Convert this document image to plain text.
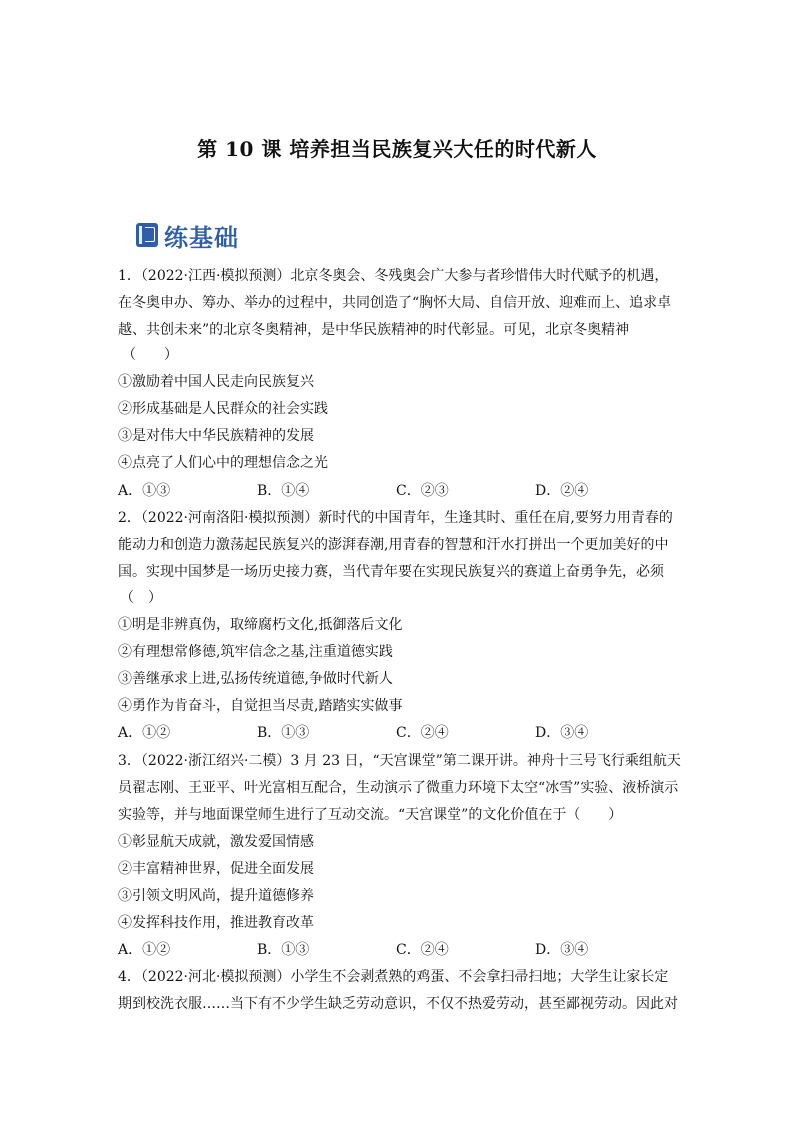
第 10 课 培养担当民族复兴大任的时代新人
练基础
1．（2022·江西·模拟预测）北京冬奥会、冬残奥会广大参与者珍惜伟大时代赋予的机遇，
在冬奥申办、筹办、举办的过程中，共同创造了“胸怀大局、自信开放、迎难而上、追求卓
越、共创未来”的北京冬奥精神，是中华民族精神的时代彰显。可见，北京冬奥精神
（　　）
①激励着中国人民走向民族复兴
②形成基础是人民群众的社会实践
③是对伟大中华民族精神的发展
④点亮了人们心中的理想信念之光
A．①③	B．①④	C．②③	D．②④
2．（2022·河南洛阳·模拟预测）新时代的中国青年，生逢其时、重任在肩,要努力用青春的
能动力和创造力激荡起民族复兴的澎湃春潮,用青春的智慧和汗水打拼出一个更加美好的中
国。实现中国梦是一场历史接力赛，当代青年要在实现民族复兴的赛道上奋勇争先，必须
（　）
①明是非辨真伪，取缔腐朽文化,抵御落后文化
②有理想常修德,筑牢信念之基,注重道德实践
③善继承求上进,弘扬传统道德,争做时代新人
④勇作为肯奋斗，自觉担当尽责,踏踏实实做事
A．①②	B．①③	C．②④	D．③④
3．（2022·浙江绍兴·二模）3 月 23 日，“天宫课堂”第二课开讲。神舟十三号飞行乘组航天
员翟志刚、王亚平、叶光富相互配合，生动演示了微重力环境下太空“冰雪”实验、液桥演示
实验等，并与地面课堂师生进行了互动交流。“天宫课堂”的文化价值在于（　　）
①彰显航天成就，激发爱国情感
②丰富精神世界，促进全面发展
③引领文明风尚，提升道德修养
④发挥科技作用，推进教育改革
A．①②	B．①③	C．②④	D．③④
4．（2022·河北·模拟预测）小学生不会剥煮熟的鸡蛋、不会拿扫帚扫地；大学生让家长定
期到校洗衣服……当下有不少学生缺乏劳动意识，不仅不热爱劳动，甚至鄙视劳动。因此对
